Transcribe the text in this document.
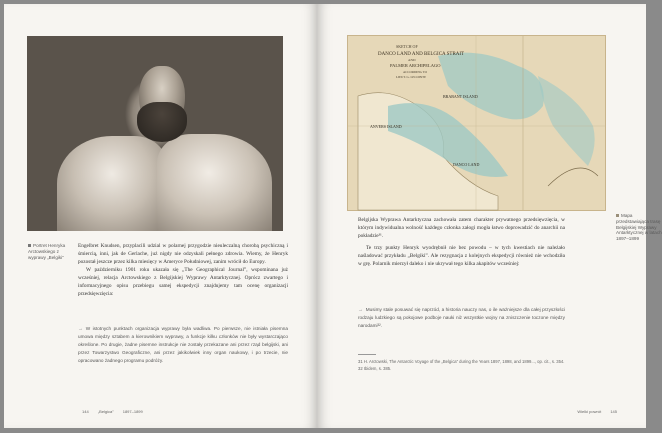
Portret Henryka Arctowskiego z wyprawy „Belgiki”

Engelbret Knudsen, przyplacili udzial w polarnej przygodzie nieuleczalną chorobą psychiczną i śmiercią, inni, jak de Gerlache, już nigdy nie odzyskali pełnego zdrowia. Wiemy, że Henryk pozostał jeszcze przez kilka miesięcy w Ameryce Południowej, zanim wrócił do Europy.

W październiku 1901 roku ukazała się „The Geographical Journal”, wspominana już wcześniej, relacja Arctowskiego z Belgijskiej Wyprawy Antarktycznej. Oprócz zwartego i informacyjnego opisu przebiegu samej ekspedycji znajdujemy tam ocenę organizacji przedsięwzięcia:

→ W istotnych punktach organizacja wyprawy była wadliwa. Po pierwsze, nie istniała pisemna umowa między sztabem a kierownikiem wyprawy, a funkcje kilku członków nie były wystarczająco określone. Po drugie, żadne pisemne instrukcje nie zostały przekazane ani przez rząd belgijski, ani przez Towarzystwo Geograficzne, ani przez jakikolwiek inny organ naukowy, i po trzecie, nie opracowano żadnego programu podróży.
144 „Belgica” 1897–1899
SKETCH OF
DANCO LAND AND BELGICA STRAIT
AND
PALMER ARCHIPELAGO
ACCORDING TO
LIEUT. G. LECOINTE
ANVERS ISLAND
BRABANT ISLAND
DANCO LAND
Mapa przedstawiająca trasę Belgijskiej Wyprawy Antarktycznej w latach 1897–1899

Belgijska Wyprawa Antarktyczna zachowała zatem charakter prywatnego przedsięwzięcia, w którym indywidualna wolność każdego członka załogi mogła łatwo doprowadzić do anarchii na pokładzie³¹.

Te trzy punkty Henryk wyodrębnił nie bez powodu – w tych kwestiach nie należało naśladować przykładu „Belgiki”. Ale rezygnacja z kolejnych ekspedycji również nie wchodziła w grę. Polarnik mierzył daleko i nie ukrywał tego kilka akapitów wcześniej:

→ Musimy stale posuwać się naprzód, a historia nauczy nas, o ile ważniejsze dla całej przyszłości rodzaju ludzkiego są pokojowe podboje nauki niż wszystkie wojny na zniszczenie toczone między narodami³².

31 H. Arctowski, The Antarctic Voyage of the „Belgica” during the Years 1897, 1898, and 1899..., op. cit., s. 354.

32 Ibidem, s. 385.

Wielki powrót 145
